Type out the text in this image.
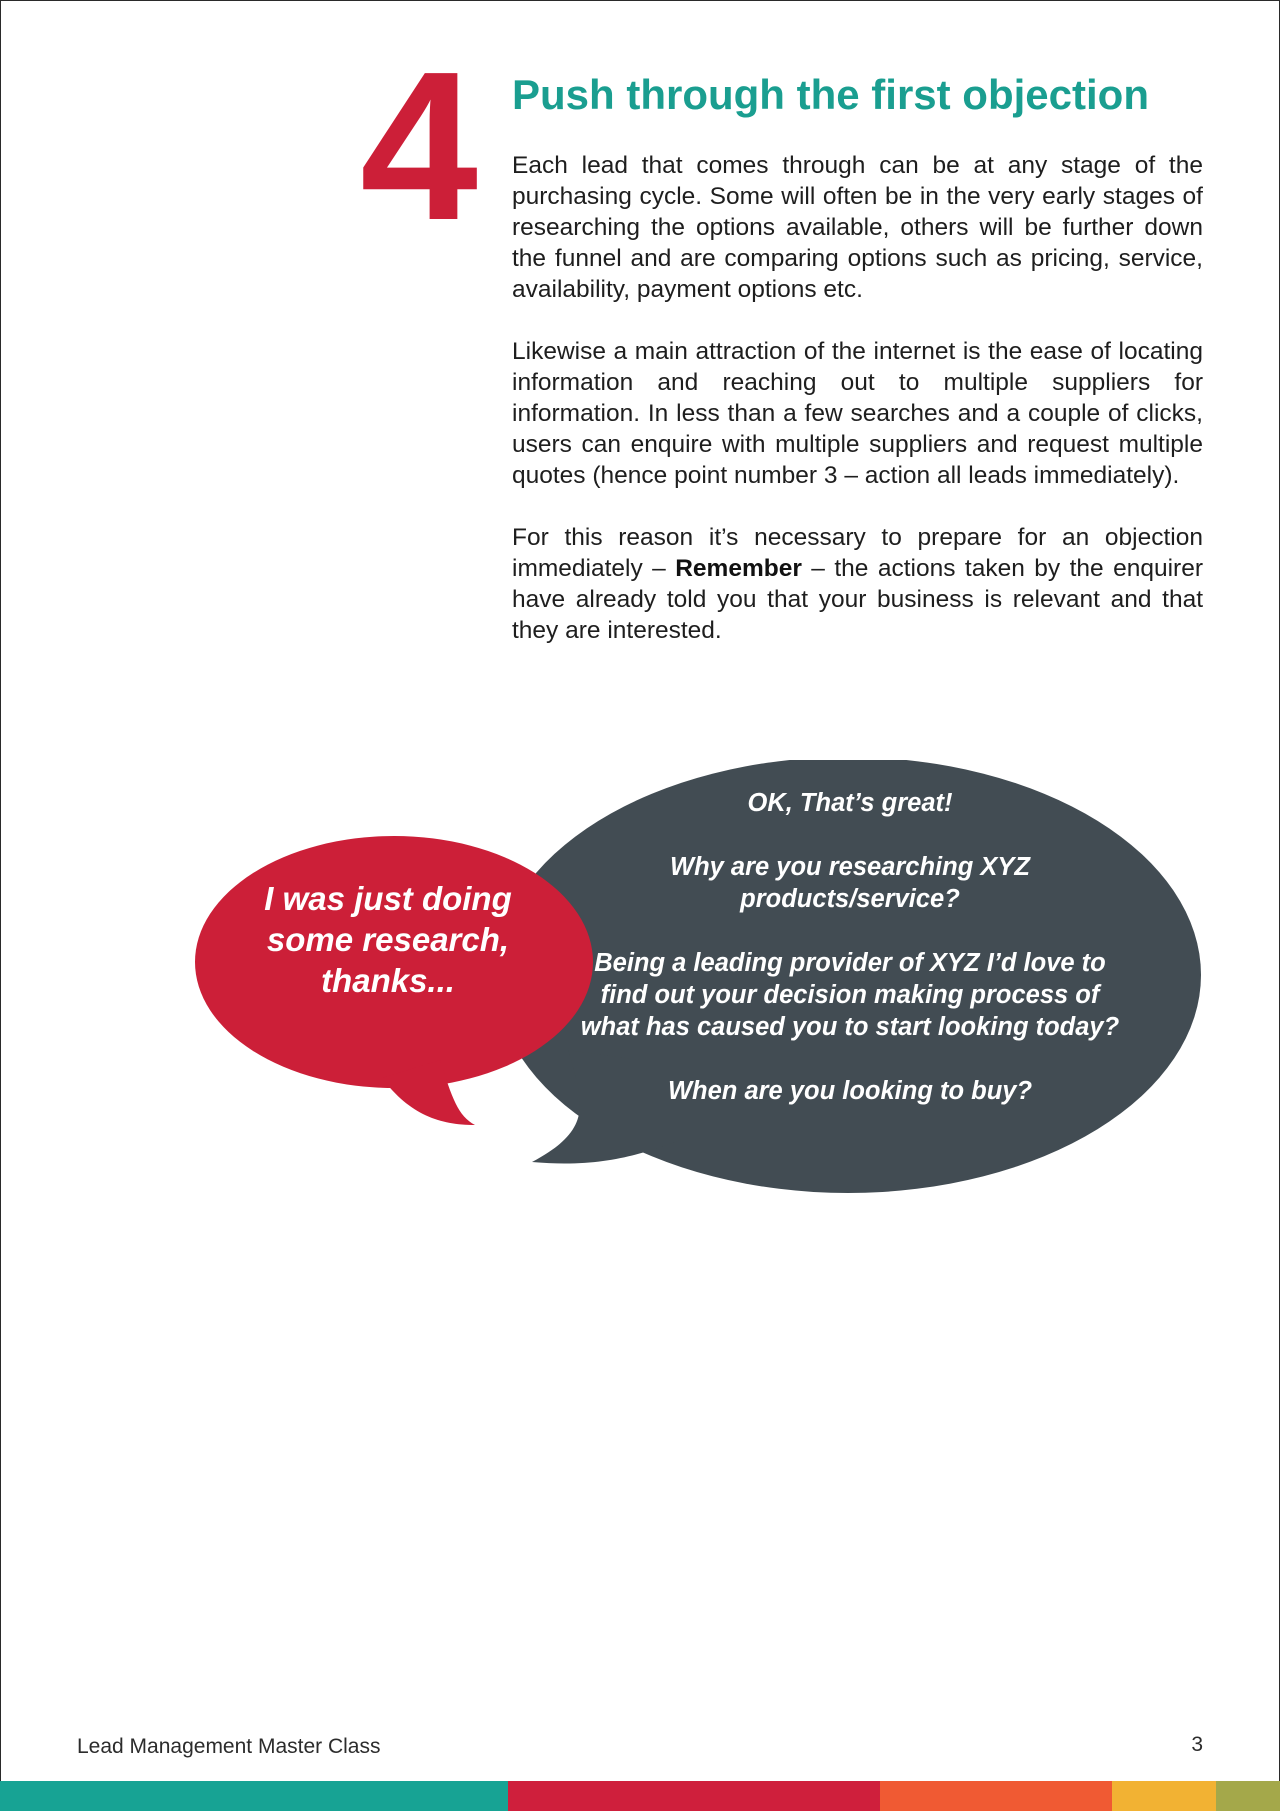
4 Push through the first objection

Each lead that comes through can be at any stage of the purchasing cycle. Some will often be in the very early stages of researching the options available, others will be further down the funnel and are comparing options such as pricing, service, availability, payment options etc.

Likewise a main attraction of the internet is the ease of locating information and reaching out to multiple suppliers for information. In less than a few searches and a couple of clicks, users can enquire with multiple suppliers and request multiple quotes (hence point number 3 – action all leads immediately).

For this reason it’s necessary to prepare for an objection immediately – Remember – the actions taken by the enquirer have already told you that your business is relevant and that they are interested.

I was just doing some research, thanks...

OK, That’s great!

Why are you researching XYZ products/service?

Being a leading provider of XYZ I’d love to find out your decision making process of what has caused you to start looking today?

When are you looking to buy?

Lead Management Master Class	3
